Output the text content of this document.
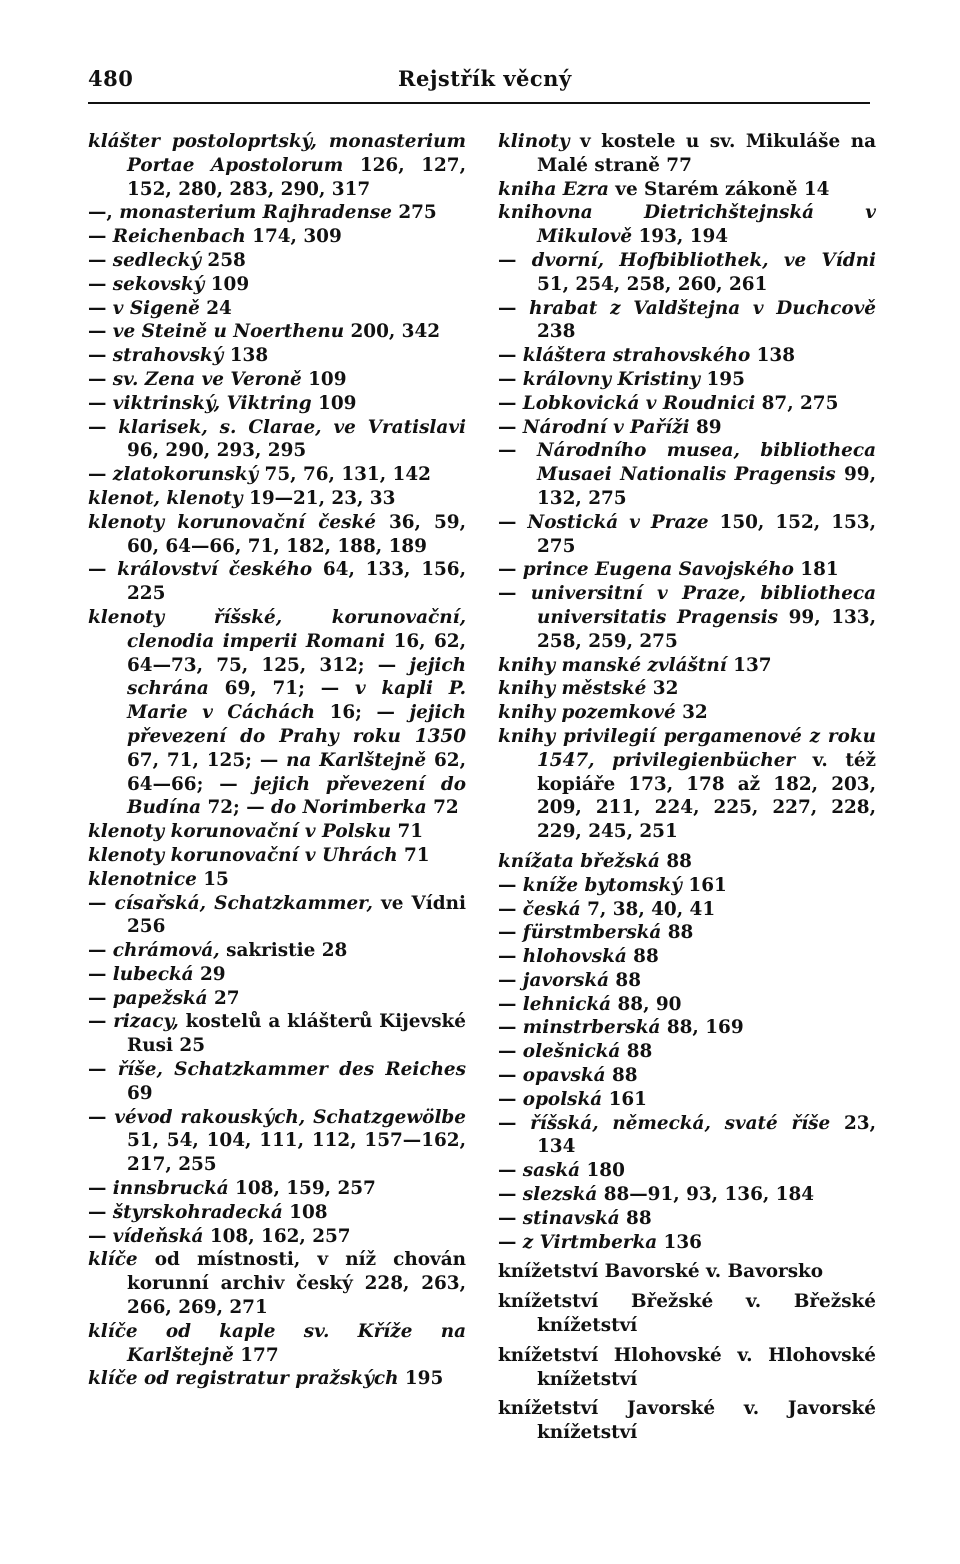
480	Rejstřík věcný
klášter postoloprtský, monasterium Portae Apostolorum 126, 127, 152, 280, 283, 290, 317
—, monasterium Rajhradense 275
— Reichenbach 174, 309
— sedlecký 258
— sekovský 109
— v Sigeně 24
— ve Steině u Noerthenu 200, 342
— strahovský 138
— sv. Zena ve Veroně 109
— viktrinský, Viktring 109
— klarisek, s. Clarae, ve Vratislavi 96, 290, 293, 295
— zlatokorunský 75, 76, 131, 142
klenot, klenoty 19—21, 23, 33
klenoty korunovační české 36, 59, 60, 64—66, 71, 182, 188, 189
— království českého 64, 133, 156, 225
klenoty říšské, korunovační, clenodia imperii Romani 16, 62, 64—73, 75, 125, 312; — jejich schrána 69, 71; — v kapli P. Marie v Cáchách 16; — jejich převezení do Prahy roku 1350 67, 71, 125; — na Karlštejně 62, 64—66; — jejich převezení do Budína 72; — do Norimberka 72
klenoty korunovační v Polsku 71
klenoty korunovační v Uhrách 71
klenotnice 15
— císařská, Schatzkammer, ve Vídni 256
— chrámová, sakristie 28
— lubecká 29
— papežská 27
— rizacy, kostelů a klášterů Kijevské Rusi 25
— říše, Schatzkammer des Reiches 69
— vévod rakouských, Schatzgewölbe 51, 54, 104, 111, 112, 157—162, 217, 255
— innsbrucká 108, 159, 257
— štyrskohradecká 108
— vídeňská 108, 162, 257
klíče od místnosti, v níž chován korunní archiv český 228, 263, 266, 269, 271
klíče od kaple sv. Kříže na Karlštejně 177
klíče od registratur pražských 195
klinoty v kostele u sv. Mikuláše na Malé straně 77
kniha Ezra ve Starém zákoně 14
knihovna Dietrichštejnská v Mikulově 193, 194
— dvorní, Hofbibliothek, ve Vídni 51, 254, 258, 260, 261
— hrabat z Valdštejna v Duchcově 238
— kláštera strahovského 138
— královny Kristiny 195
— Lobkovická v Roudnici 87, 275
— Národní v Paříži 89
— Národního musea, bibliotheca Musaei Nationalis Pragensis 99, 132, 275
— Nostická v Praze 150, 152, 153, 275
— prince Eugena Savojského 181
— universitní v Praze, bibliotheca universitatis Pragensis 99, 133, 258, 259, 275
knihy manské zvláštní 137
knihy městské 32
knihy pozemkové 32
knihy privilegií pergamenové z roku 1547, privilegienbücher v. též kopiáře 173, 178 až 182, 203, 209, 211, 224, 225, 227, 228, 229, 245, 251
knížata břežská 88
— kníže bytomský 161
— česká 7, 38, 40, 41
— fürstmberská 88
— hlohovská 88
— javorská 88
— lehnická 88, 90
— minstrberská 88, 169
— olešnická 88
— opavská 88
— opolská 161
— říšská, německá, svaté říše 23, 134
— saská 180
— slezská 88—91, 93, 136, 184
— stinavská 88
— z Virtmberka 136
knížetství Bavorské v. Bavorsko
knížetství Břežské v. Břežské knížetství
knížetství Hlohovské v. Hlohovské knížetství
knížetství Javorské v. Javorské knížetství
